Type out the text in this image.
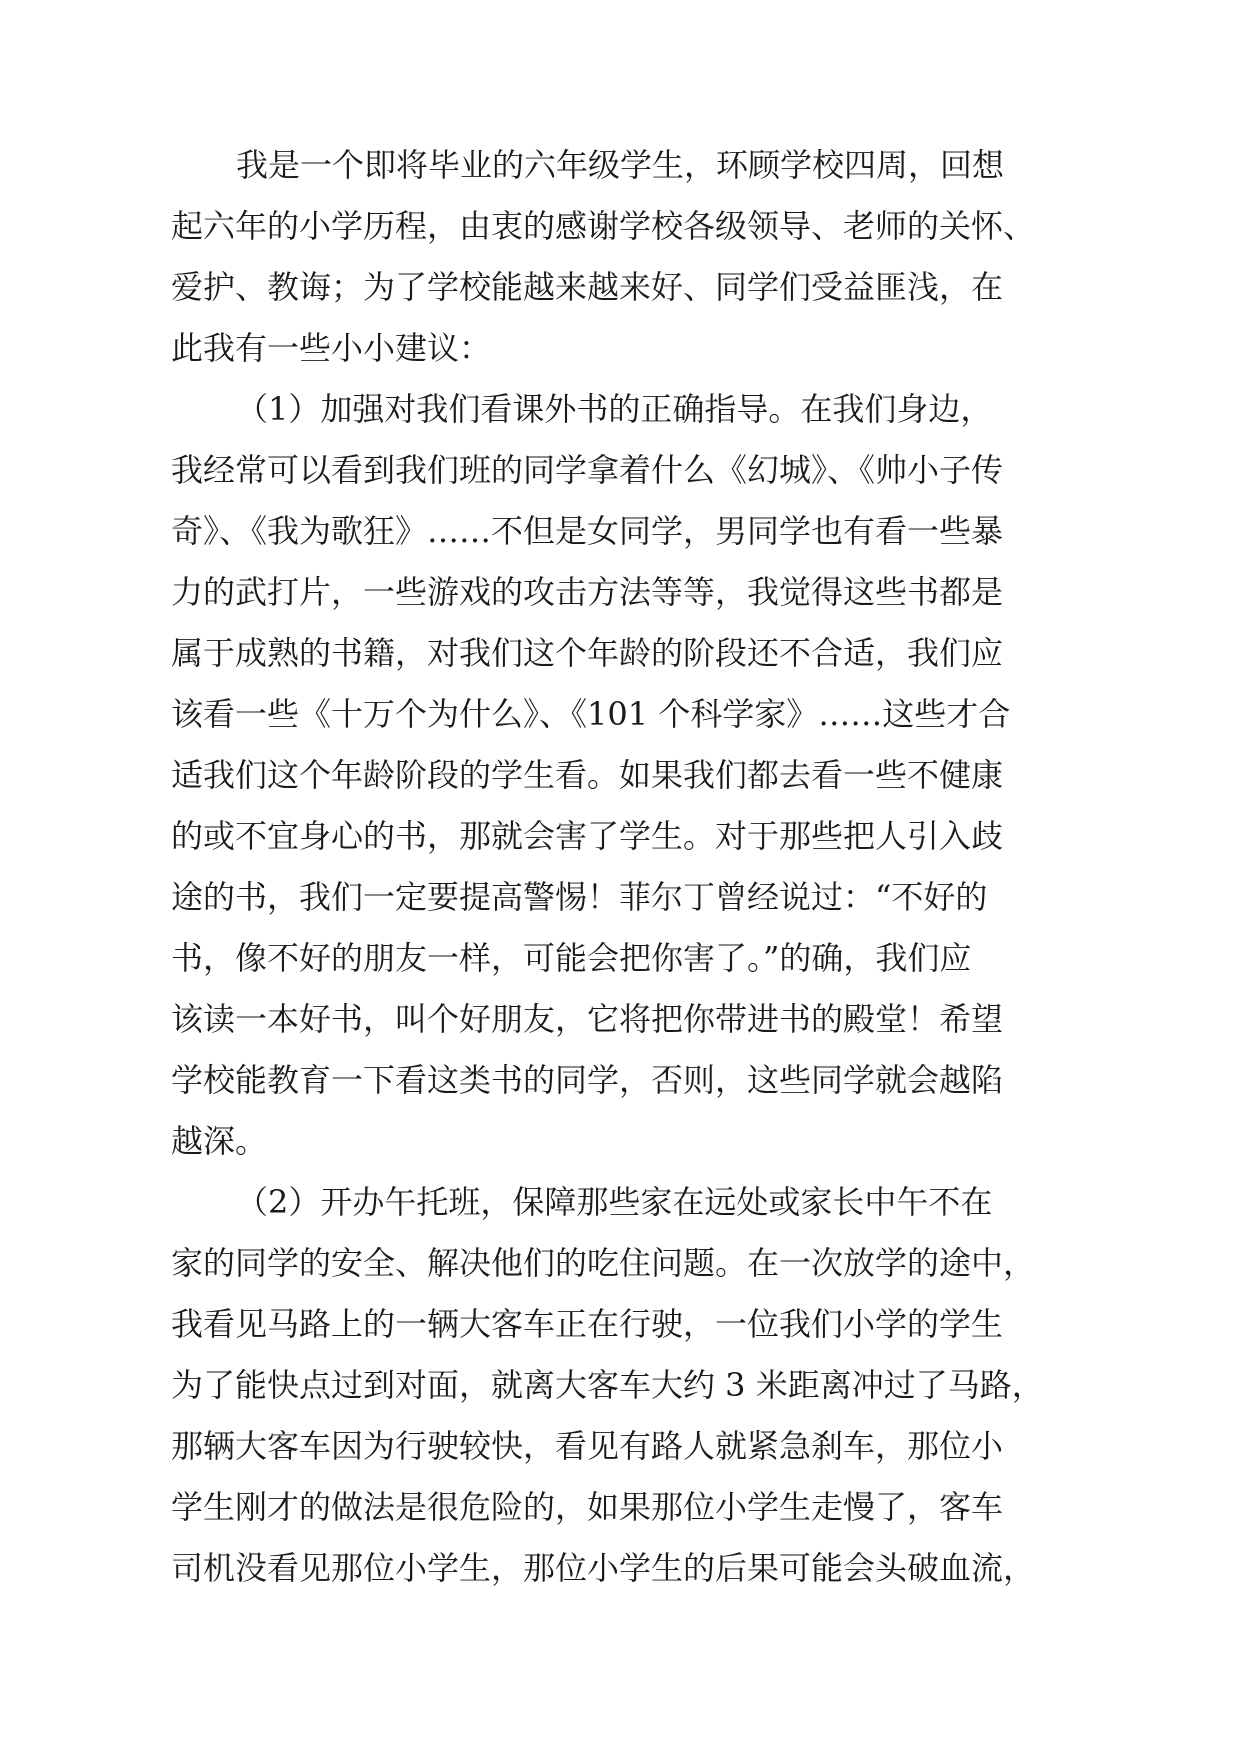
我是一个即将毕业的六年级学生，环顾学校四周，回想
起六年的小学历程，由衷的感谢学校各级领导、老师的关怀、
爱护、教诲；为了学校能越来越来好、同学们受益匪浅，在
此我有一些小小建议：
（1）加强对我们看课外书的正确指导。在我们身边，
我经常可以看到我们班的同学拿着什么《幻城》、《帅小子传
奇》、《我为歌狂》……不但是女同学，男同学也有看一些暴
力的武打片，一些游戏的攻击方法等等，我觉得这些书都是
属于成熟的书籍，对我们这个年龄的阶段还不合适，我们应
该看一些《十万个为什么》、《101 个科学家》……这些才合
适我们这个年龄阶段的学生看。如果我们都去看一些不健康
的或不宜身心的书，那就会害了学生。对于那些把人引入歧
途的书，我们一定要提高警惕！菲尔丁曾经说过：“不好的
书，像不好的朋友一样，可能会把你害了。”的确，我们应
该读一本好书，叫个好朋友，它将把你带进书的殿堂！希望
学校能教育一下看这类书的同学，否则，这些同学就会越陷
越深。
（2）开办午托班，保障那些家在远处或家长中午不在
家的同学的安全、解决他们的吃住问题。在一次放学的途中，
我看见马路上的一辆大客车正在行驶，一位我们小学的学生
为了能快点过到对面，就离大客车大约 3 米距离冲过了马路，
那辆大客车因为行驶较快，看见有路人就紧急刹车，那位小
学生刚才的做法是很危险的，如果那位小学生走慢了，客车
司机没看见那位小学生，那位小学生的后果可能会头破血流，
